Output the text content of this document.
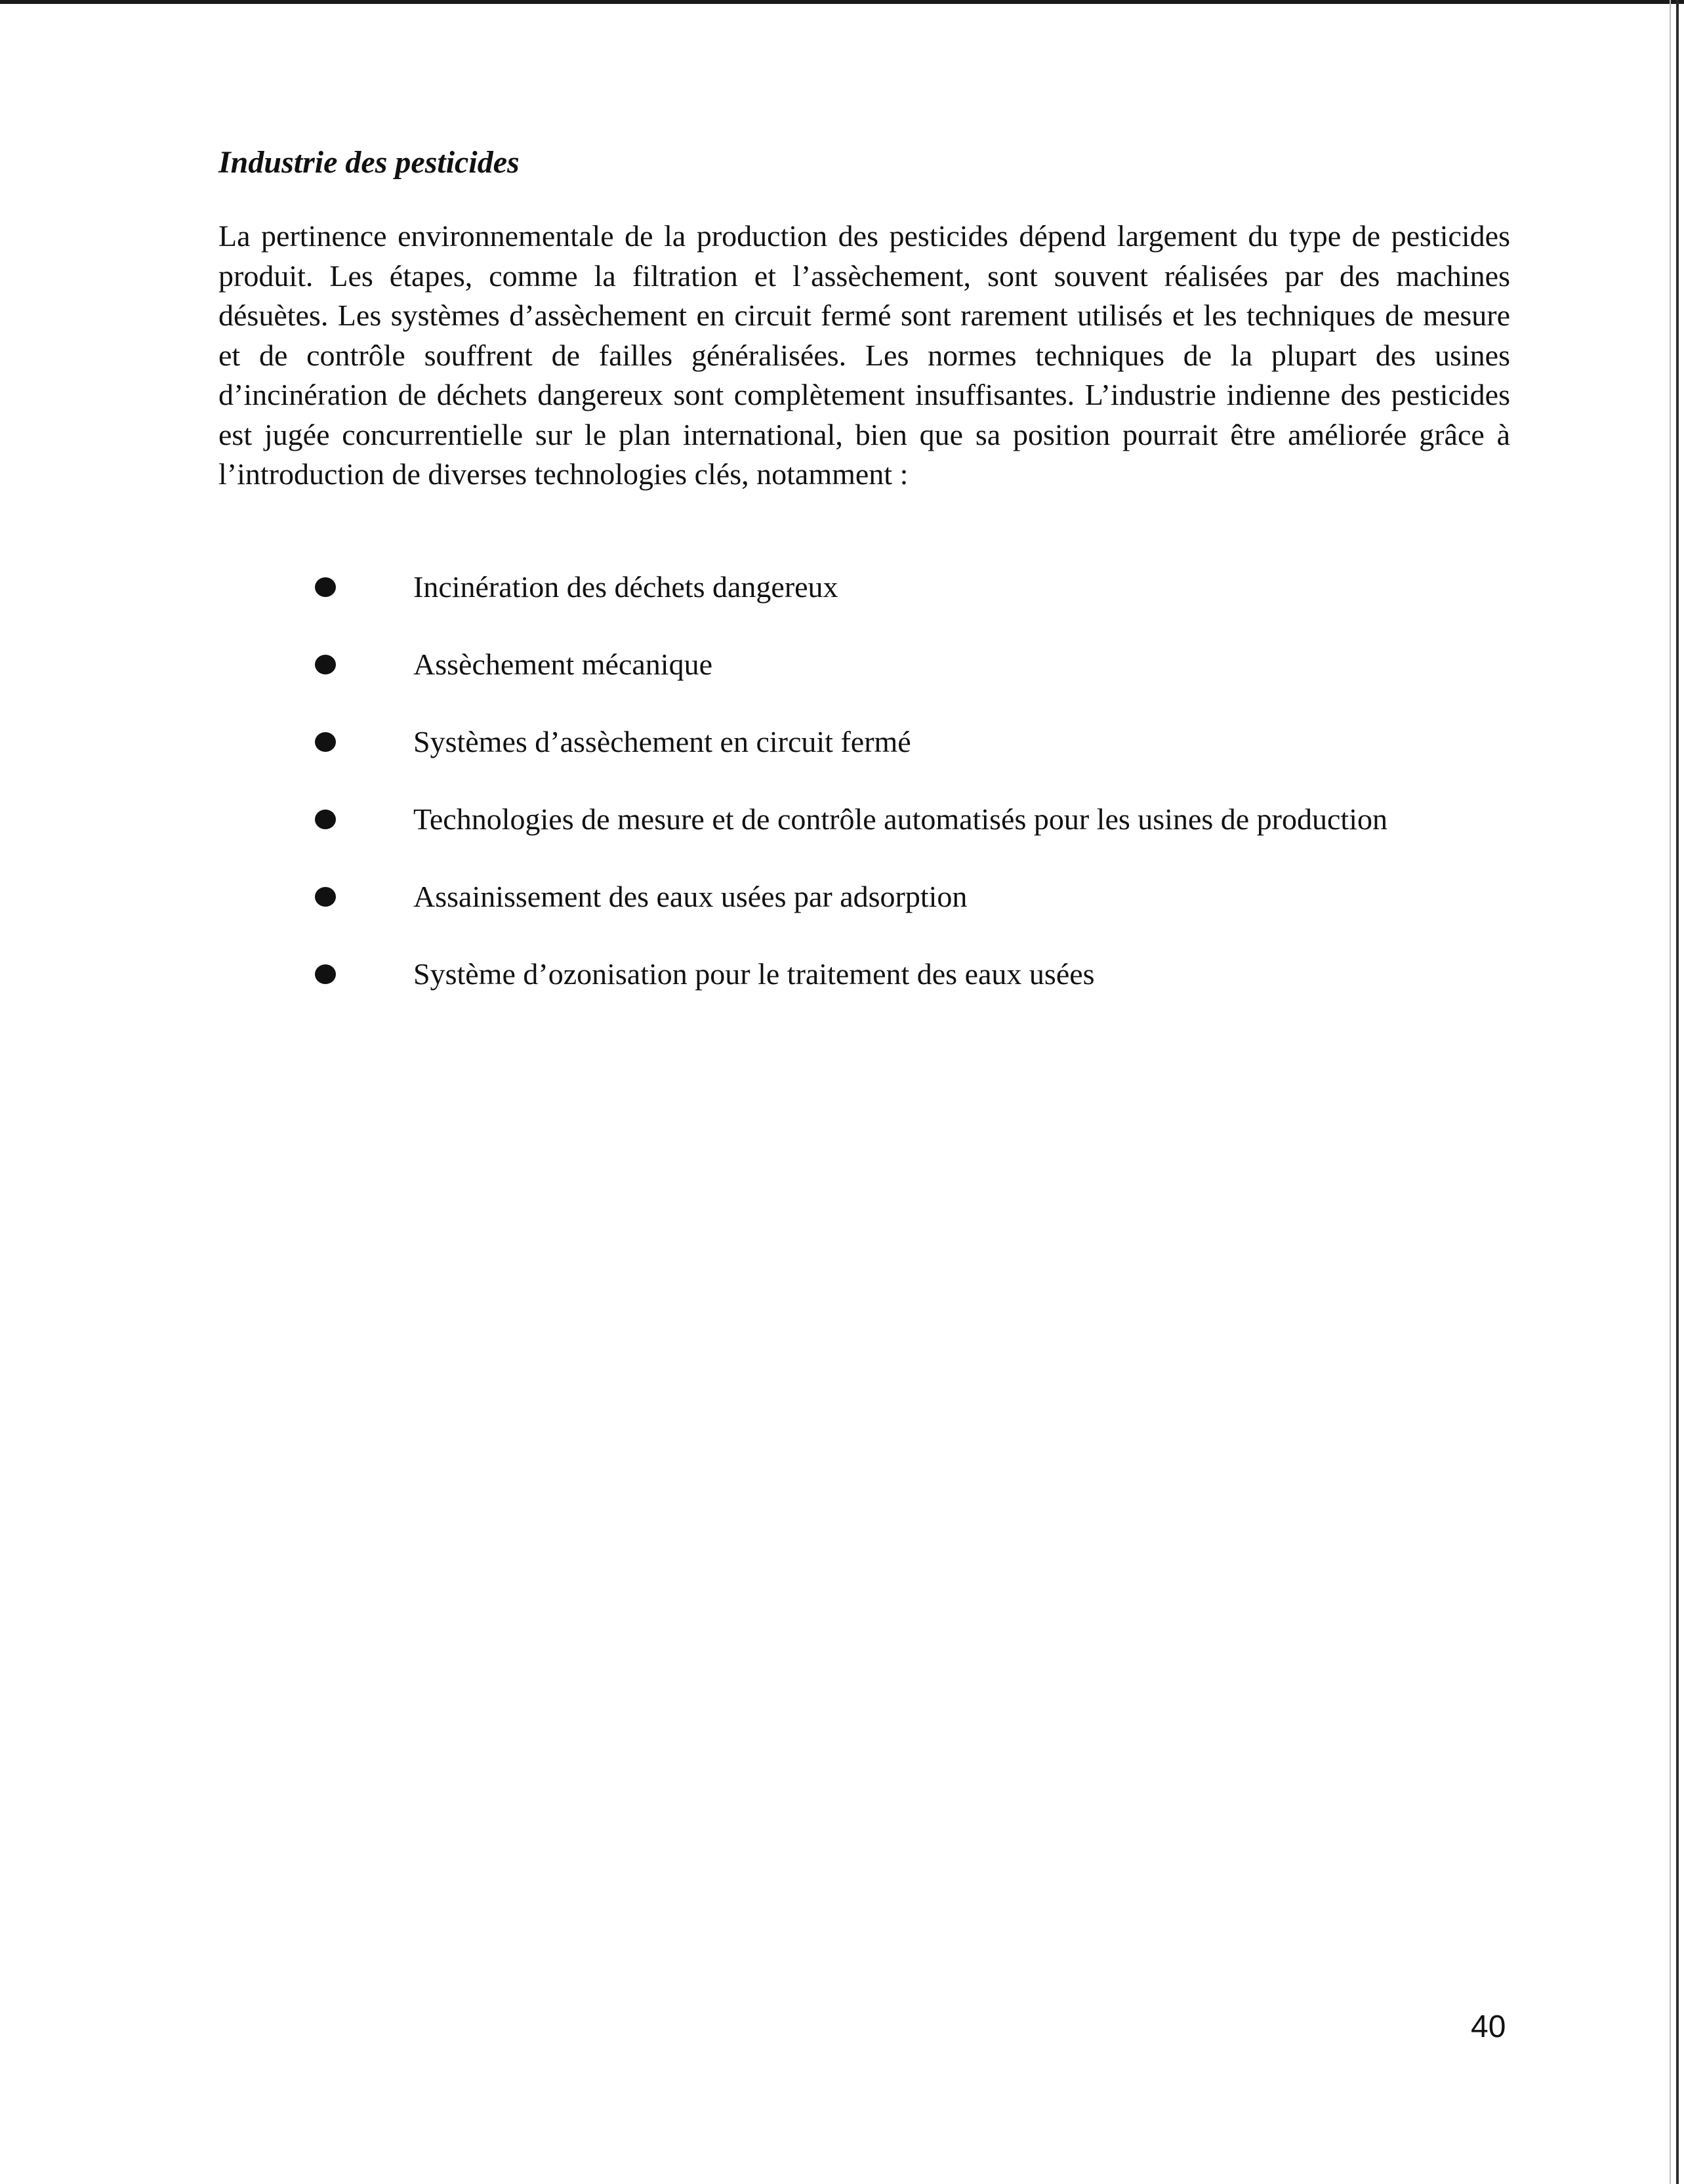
Industrie des pesticides

La pertinence environnementale de la production des pesticides dépend largement du type de pesticides produit. Les étapes, comme la filtration et l’assèchement, sont souvent réalisées par des machines désuètes. Les systèmes d’assèchement en circuit fermé sont rarement utilisés et les techniques de mesure et de contrôle souffrent de failles généralisées. Les normes techniques de la plupart des usines d’incinération de déchets dangereux sont complètement insuffisantes. L’industrie indienne des pesticides est jugée concurrentielle sur le plan international, bien que sa position pourrait être améliorée grâce à l’introduction de diverses technologies clés, notamment :

Incinération des déchets dangereux
Assèchement mécanique
Systèmes d’assèchement en circuit fermé
Technologies de mesure et de contrôle automatisés pour les usines de production
Assainissement des eaux usées par adsorption
Système d’ozonisation pour le traitement des eaux usées

40
